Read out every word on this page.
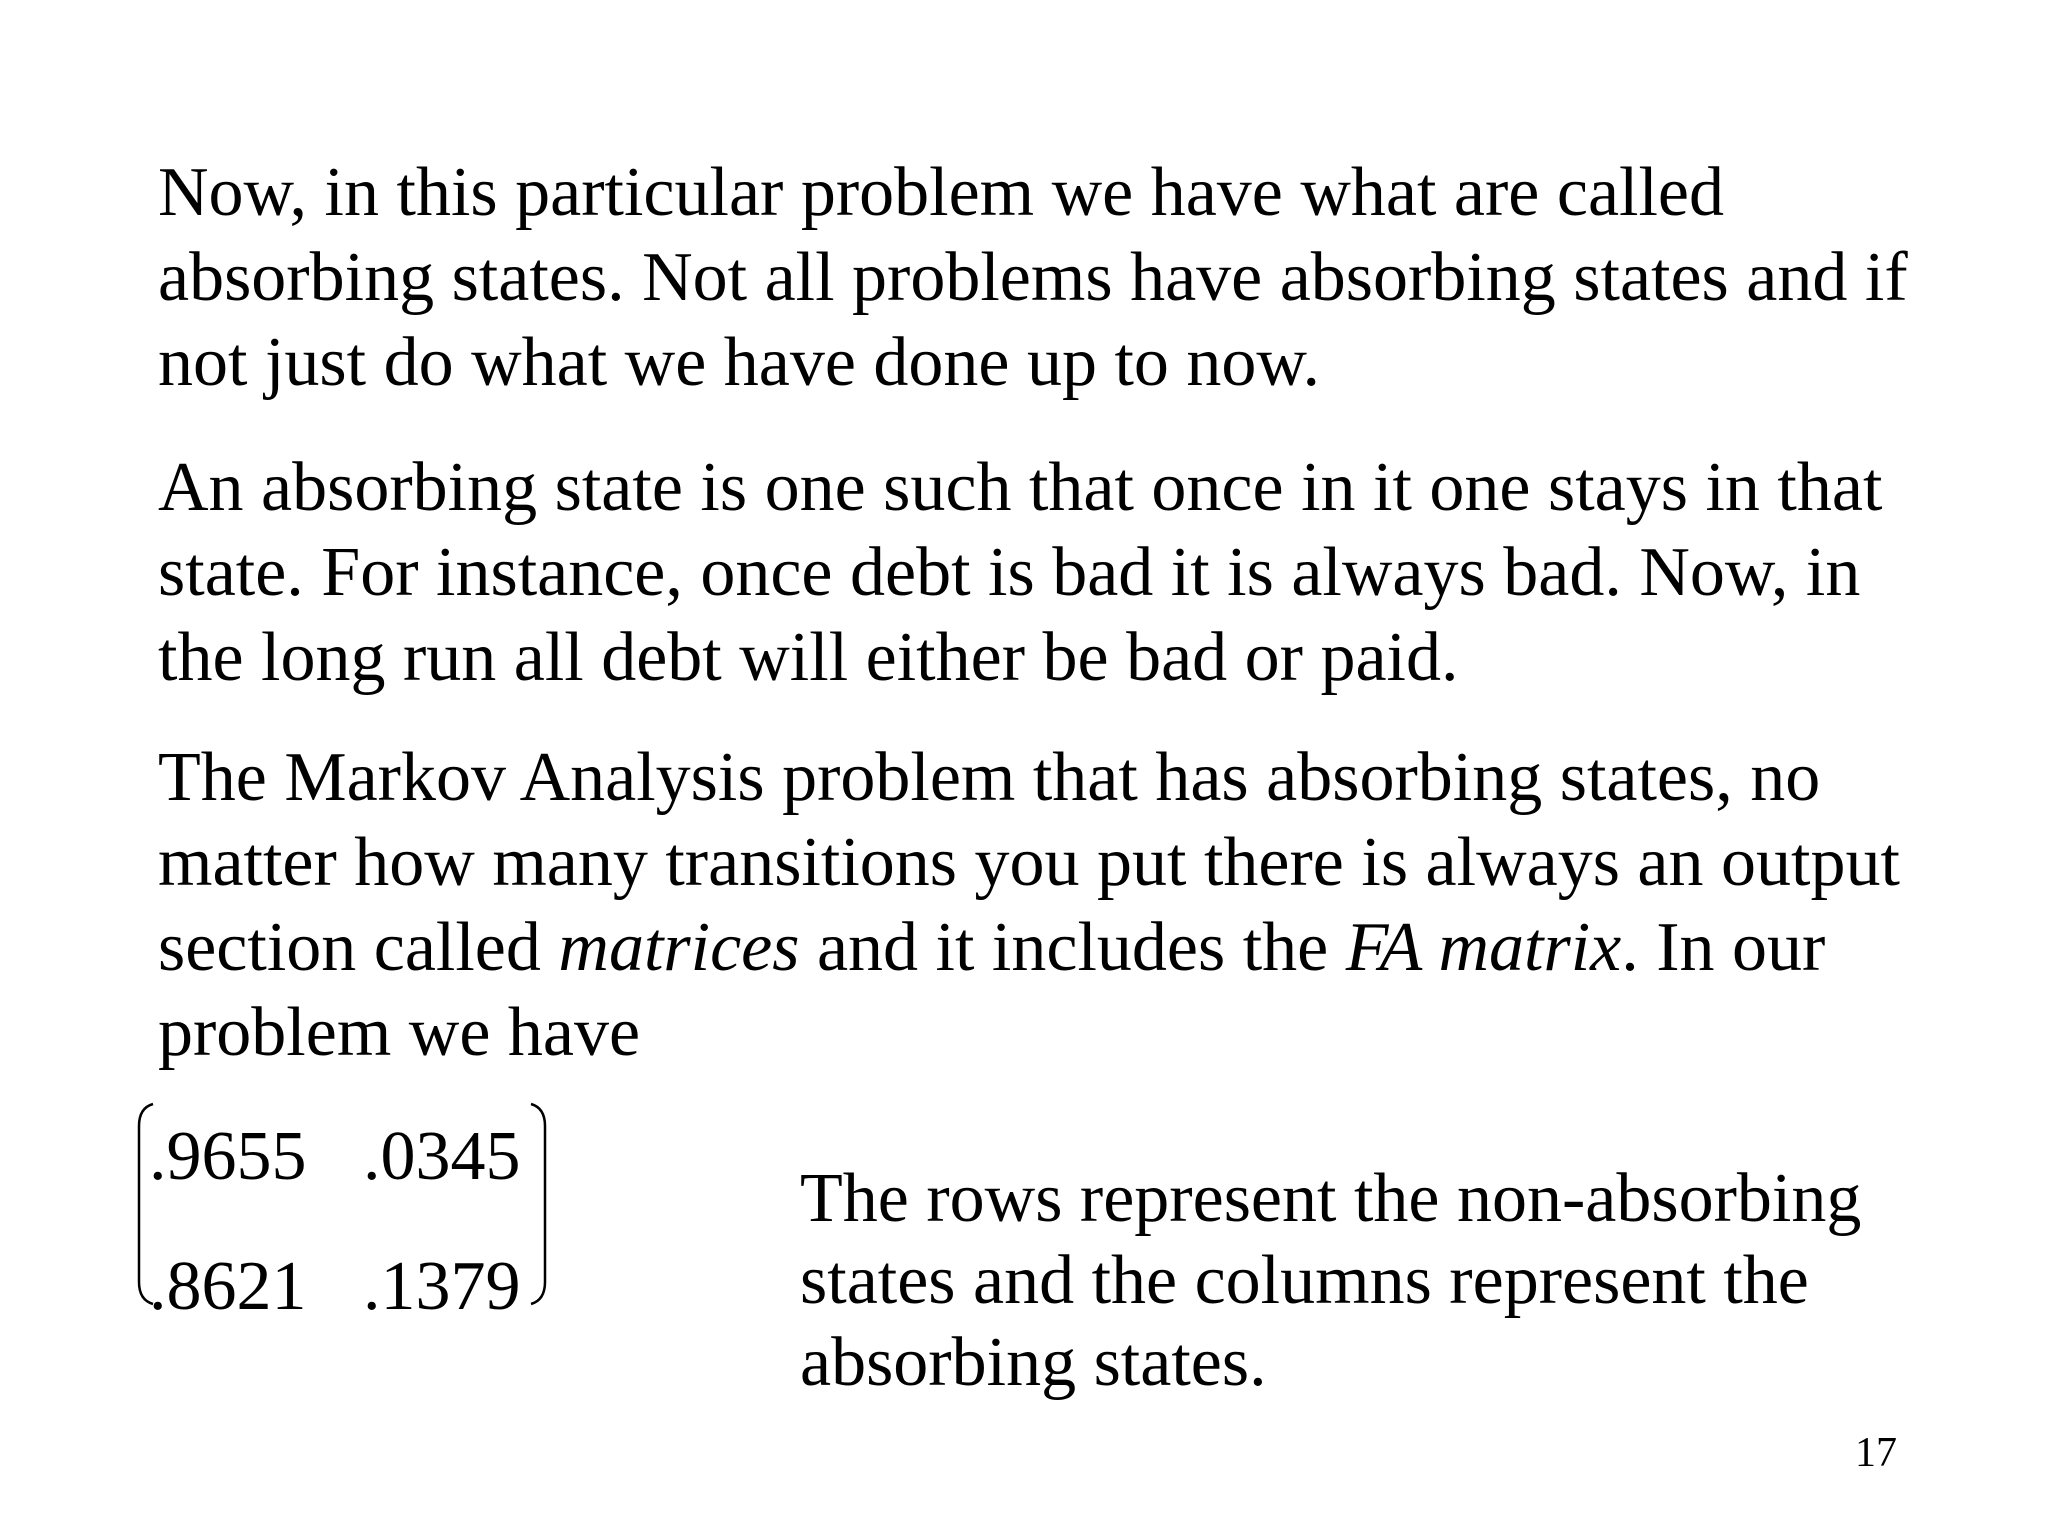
Now, in this particular problem we have what are called absorbing states. Not all problems have absorbing states and if not just do what we have done up to now.

An absorbing state is one such that once in it one stays in that state. For instance, once debt is bad it is always bad. Now, in the long run all debt will either be bad or paid.

The Markov Analysis problem that has absorbing states, no matter how many transitions you put there is always an output section called matrices and it includes the FA matrix. In our problem we have

.9655 .0345
.8621 .1379

The rows represent the non-absorbing states and the columns represent the absorbing states.

17
